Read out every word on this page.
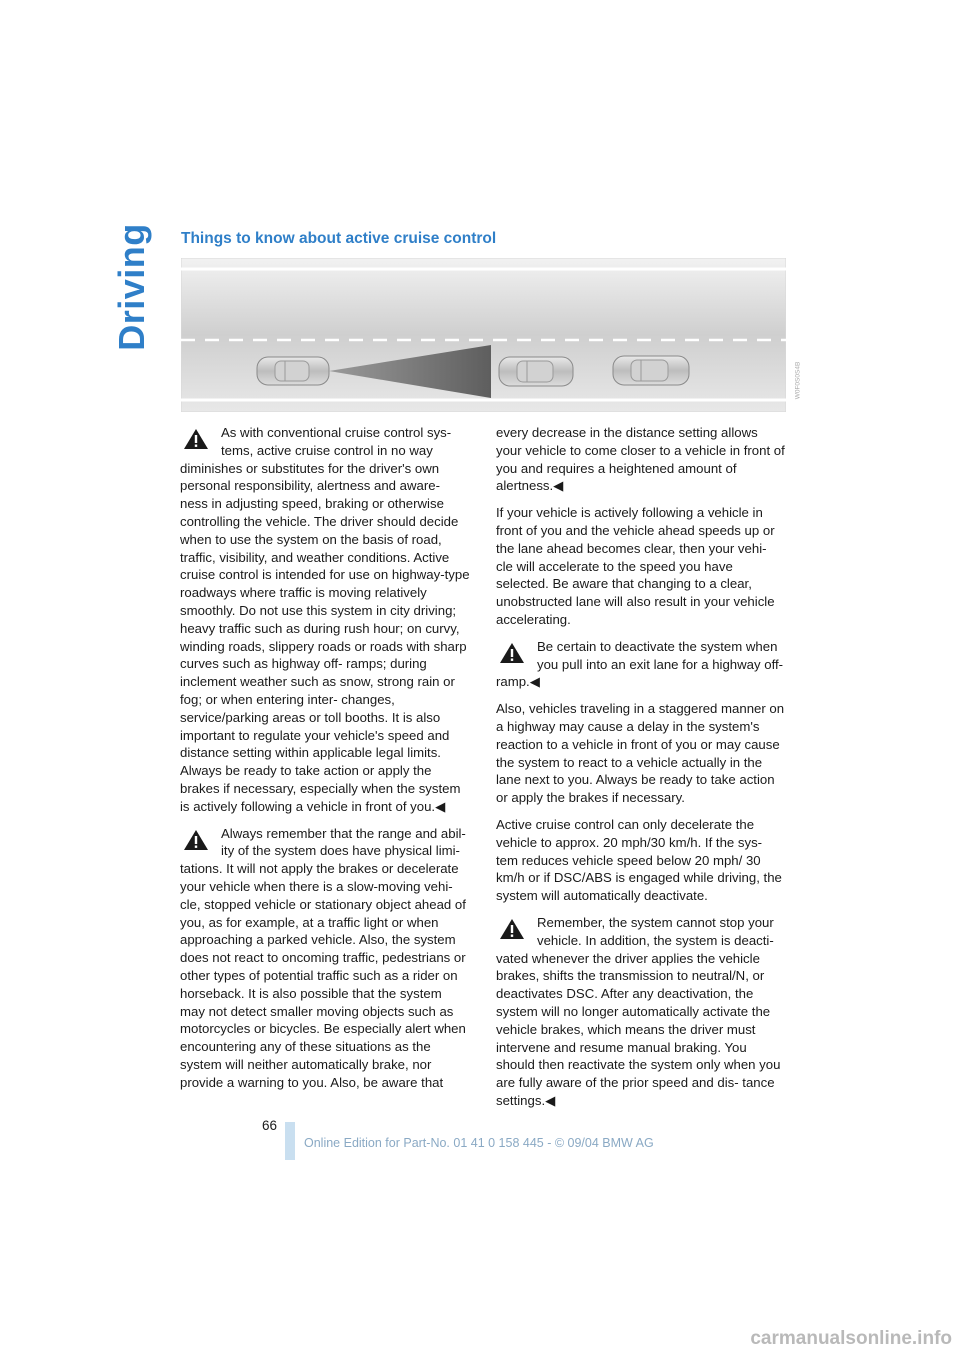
Driving Things to know about active cruise control
W0F0S0S4B

As with conventional cruise control sys- tems, active cruise control in no way diminishes or substitutes for the driver's own personal responsibility, alertness and aware- ness in adjusting speed, braking or otherwise controlling the vehicle. The driver should decide when to use the system on the basis of road, traffic, visibility, and weather conditions. Active cruise control is intended for use on highway-type roadways where traffic is moving relatively smoothly. Do not use this system in city driving; heavy traffic such as during rush hour; on curvy, winding roads, slippery roads or roads with sharp curves such as highway off- ramps; during inclement weather such as snow, strong rain or fog; or when entering inter- changes, service/parking areas or toll booths. It is also important to regulate your vehicle's speed and distance setting within applicable legal limits. Always be ready to take action or apply the brakes if necessary, especially when the system is actively following a vehicle in front of you.◀

Always remember that the range and abil- ity of the system does have physical limi- tations. It will not apply the brakes or decelerate your vehicle when there is a slow-moving vehi- cle, stopped vehicle or stationary object ahead of you, as for example, at a traffic light or when approaching a parked vehicle. Also, the system does not react to oncoming traffic, pedestrians or other types of potential traffic such as a rider on horseback. It is also possible that the system may not detect smaller moving objects such as motorcycles or bicycles. Be especially alert when encountering any of these situations as the system will neither automatically brake, nor provide a warning to you. Also, be aware that

every decrease in the distance setting allows your vehicle to come closer to a vehicle in front of you and requires a heightened amount of alertness.◀

If your vehicle is actively following a vehicle in front of you and the vehicle ahead speeds up or the lane ahead becomes clear, then your vehi- cle will accelerate to the speed you have selected. Be aware that changing to a clear, unobstructed lane will also result in your vehicle accelerating.

Be certain to deactivate the system when you pull into an exit lane for a highway off- ramp.◀

Also, vehicles traveling in a staggered manner on a highway may cause a delay in the system's reaction to a vehicle in front of you or may cause the system to react to a vehicle actually in the lane next to you. Always be ready to take action or apply the brakes if necessary.

Active cruise control can only decelerate the vehicle to approx. 20 mph/30 km/h. If the sys- tem reduces vehicle speed below 20 mph/ 30 km/h or if DSC/ABS is engaged while driving, the system will automatically deactivate.

Remember, the system cannot stop your vehicle. In addition, the system is deacti- vated whenever the driver applies the vehicle brakes, shifts the transmission to neutral/N, or deactivates DSC. After any deactivation, the system will no longer automatically activate the vehicle brakes, which means the driver must intervene and resume manual braking. You should then reactivate the system only when you are fully aware of the prior speed and dis- tance settings.◀

66
Online Edition for Part-No. 01 41 0 158 445 - © 09/04 BMW AG
carmanualsonline.info
